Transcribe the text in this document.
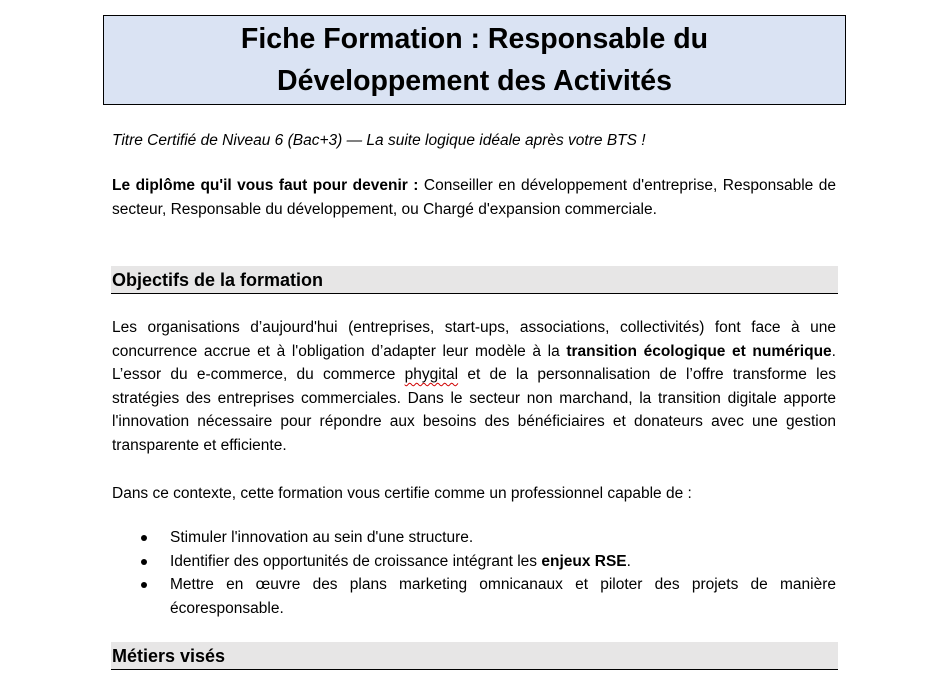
Fiche Formation : Responsable du
Développement des Activités
Titre Certifié de Niveau 6 (Bac+3) — La suite logique idéale après votre BTS !
Le diplôme qu'il vous faut pour devenir : Conseiller en développement d'entreprise, Responsable de secteur, Responsable du développement, ou Chargé d'expansion commerciale.
Objectifs de la formation
Les organisations d’aujourd'hui (entreprises, start-ups, associations, collectivités) font face à une concurrence accrue et à l'obligation d’adapter leur modèle à la transition écologique et numérique. L’essor du e-commerce, du commerce phygital et de la personnalisation de l’offre transforme les stratégies des entreprises commerciales. Dans le secteur non marchand, la transition digitale apporte l'innovation nécessaire pour répondre aux besoins des bénéficiaires et donateurs avec une gestion transparente et efficiente.
Dans ce contexte, cette formation vous certifie comme un professionnel capable de :
Stimuler l'innovation au sein d'une structure.
Identifier des opportunités de croissance intégrant les enjeux RSE.
Mettre en œuvre des plans marketing omnicanaux et piloter des projets de manière écoresponsable.
Métiers visés
